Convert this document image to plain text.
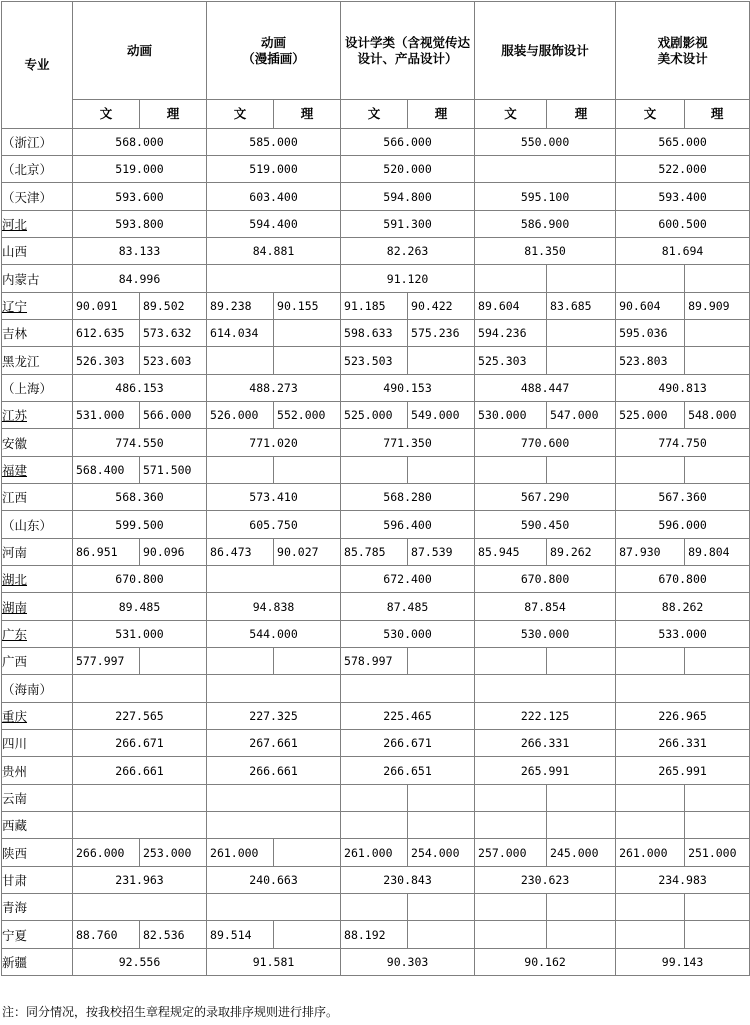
专业	动画		动画
（漫插画）		设计学类（含视觉传达设计、产品设计）		服装与服饰设计		戏剧影视
美术设计	
	文	理	文	理	文	理	文	理	文	理
（浙江）	568.000		585.000		566.000		550.000		565.000	
（北京）	519.000		519.000		520.000				522.000	
（天津）	593.600		603.400		594.800		595.100		593.400	
河北	593.800		594.400		591.300		586.900		600.500	
山西	83.133		84.881		82.263		81.350		81.694	
内蒙古	84.996				91.120					
辽宁	90.091	89.502	89.238	90.155	91.185	90.422	89.604	83.685	90.604	89.909
吉林	612.635	573.632	614.034		598.633	575.236	594.236		595.036	
黑龙江	526.303	523.603			523.503		525.303		523.803	
（上海）	486.153		488.273		490.153		488.447		490.813	
江苏	531.000	566.000	526.000	552.000	525.000	549.000	530.000	547.000	525.000	548.000
安徽	774.550		771.020		771.350		770.600		774.750	
福建	568.400	571.500								
江西	568.360		573.410		568.280		567.290		567.360	
（山东）	599.500		605.750		596.400		590.450		596.000	
河南	86.951	90.096	86.473	90.027	85.785	87.539	85.945	89.262	87.930	89.804
湖北	670.800				672.400		670.800		670.800	
湖南	89.485		94.838		87.485		87.854		88.262	
广东	531.000		544.000		530.000		530.000		533.000	
广西	577.997				578.997					
（海南）										
重庆	227.565		227.325		225.465		222.125		226.965	
四川	266.671		267.661		266.671		266.331		266.331	
贵州	266.661		266.661		266.651		265.991		265.991	
云南										
西藏										
陕西	266.000	253.000	261.000		261.000	254.000	257.000	245.000	261.000	251.000
甘肃	231.963		240.663		230.843		230.623		234.983	
青海										
宁夏	88.760	82.536	89.514		88.192					
新疆	92.556		91.581		90.303		90.162		99.143	
注：同分情况，按我校招生章程规定的录取排序规则进行排序。
